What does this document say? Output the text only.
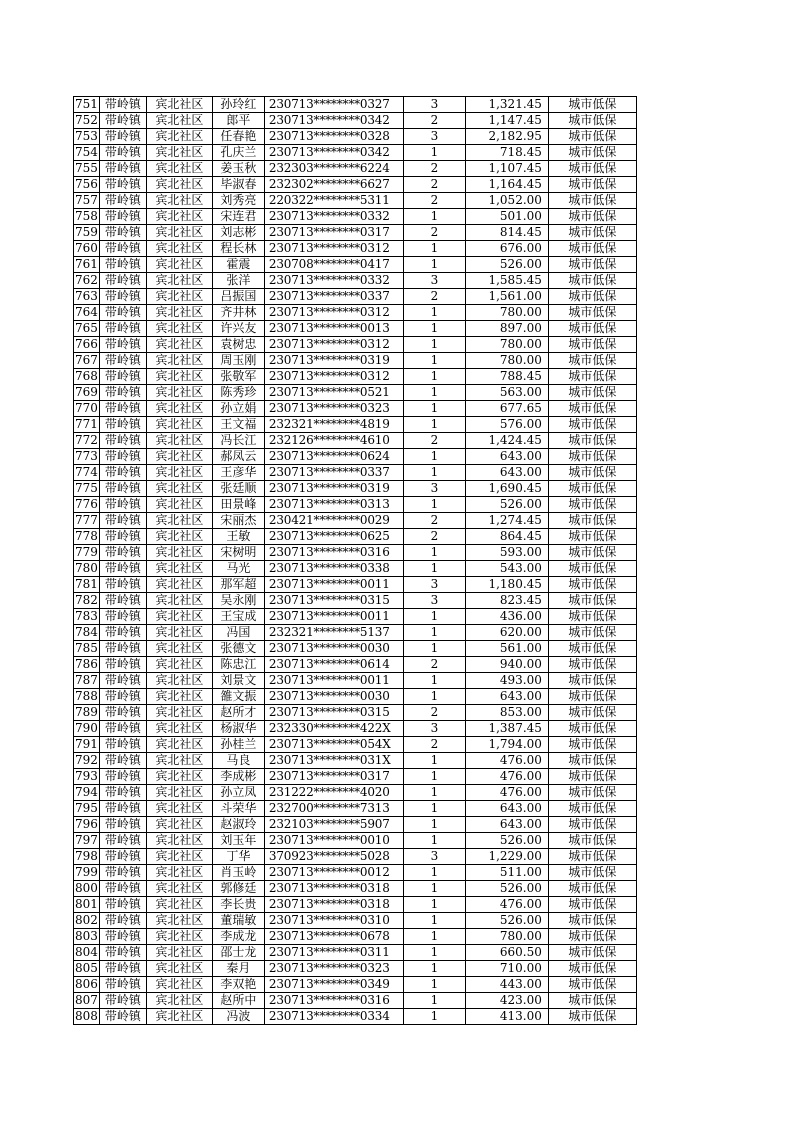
751	带岭镇	宾北社区	孙玲红	230713********0327	3	1,321.45	城市低保
752	带岭镇	宾北社区	郎平	230713********0342	2	1,147.45	城市低保
753	带岭镇	宾北社区	任春艳	230713********0328	3	2,182.95	城市低保
754	带岭镇	宾北社区	孔庆兰	230713********0342	1	718.45	城市低保
755	带岭镇	宾北社区	姜玉秋	232303********6224	2	1,107.45	城市低保
756	带岭镇	宾北社区	毕淑春	232302********6627	2	1,164.45	城市低保
757	带岭镇	宾北社区	刘秀亮	220322********5311	2	1,052.00	城市低保
758	带岭镇	宾北社区	宋连君	230713********0332	1	501.00	城市低保
759	带岭镇	宾北社区	刘志彬	230713********0317	2	814.45	城市低保
760	带岭镇	宾北社区	程长林	230713********0312	1	676.00	城市低保
761	带岭镇	宾北社区	霍震	230708********0417	1	526.00	城市低保
762	带岭镇	宾北社区	张洋	230713********0332	3	1,585.45	城市低保
763	带岭镇	宾北社区	吕振国	230713********0337	2	1,561.00	城市低保
764	带岭镇	宾北社区	齐井林	230713********0312	1	780.00	城市低保
765	带岭镇	宾北社区	许兴友	230713********0013	1	897.00	城市低保
766	带岭镇	宾北社区	袁树忠	230713********0312	1	780.00	城市低保
767	带岭镇	宾北社区	周玉刚	230713********0319	1	780.00	城市低保
768	带岭镇	宾北社区	张敬军	230713********0312	1	788.45	城市低保
769	带岭镇	宾北社区	陈秀珍	230713********0521	1	563.00	城市低保
770	带岭镇	宾北社区	孙立娟	230713********0323	1	677.65	城市低保
771	带岭镇	宾北社区	王文福	232321********4819	1	576.00	城市低保
772	带岭镇	宾北社区	冯长江	232126********4610	2	1,424.45	城市低保
773	带岭镇	宾北社区	郝凤云	230713********0624	1	643.00	城市低保
774	带岭镇	宾北社区	王彦华	230713********0337	1	643.00	城市低保
775	带岭镇	宾北社区	张廷顺	230713********0319	3	1,690.45	城市低保
776	带岭镇	宾北社区	田景峰	230713********0313	1	526.00	城市低保
777	带岭镇	宾北社区	宋丽杰	230421********0029	2	1,274.45	城市低保
778	带岭镇	宾北社区	王敏	230713********0625	2	864.45	城市低保
779	带岭镇	宾北社区	宋树明	230713********0316	1	593.00	城市低保
780	带岭镇	宾北社区	马光	230713********0338	1	543.00	城市低保
781	带岭镇	宾北社区	那军超	230713********0011	3	1,180.45	城市低保
782	带岭镇	宾北社区	吴永刚	230713********0315	3	823.45	城市低保
783	带岭镇	宾北社区	王宝成	230713********0011	1	436.00	城市低保
784	带岭镇	宾北社区	冯国	232321********5137	1	620.00	城市低保
785	带岭镇	宾北社区	张德文	230713********0030	1	561.00	城市低保
786	带岭镇	宾北社区	陈忠江	230713********0614	2	940.00	城市低保
787	带岭镇	宾北社区	刘景文	230713********0011	1	493.00	城市低保
788	带岭镇	宾北社区	雒文振	230713********0030	1	643.00	城市低保
789	带岭镇	宾北社区	赵所才	230713********0315	2	853.00	城市低保
790	带岭镇	宾北社区	杨淑华	232330********422X	3	1,387.45	城市低保
791	带岭镇	宾北社区	孙桂兰	230713********054X	2	1,794.00	城市低保
792	带岭镇	宾北社区	马良	230713********031X	1	476.00	城市低保
793	带岭镇	宾北社区	李成彬	230713********0317	1	476.00	城市低保
794	带岭镇	宾北社区	孙立凤	231222********4020	1	476.00	城市低保
795	带岭镇	宾北社区	斗荣华	232700********7313	1	643.00	城市低保
796	带岭镇	宾北社区	赵淑玲	232103********5907	1	643.00	城市低保
797	带岭镇	宾北社区	刘玉年	230713********0010	1	526.00	城市低保
798	带岭镇	宾北社区	丁华	370923********5028	3	1,229.00	城市低保
799	带岭镇	宾北社区	肖玉岭	230713********0012	1	511.00	城市低保
800	带岭镇	宾北社区	郭修廷	230713********0318	1	526.00	城市低保
801	带岭镇	宾北社区	李长贵	230713********0318	1	476.00	城市低保
802	带岭镇	宾北社区	董瑞敏	230713********0310	1	526.00	城市低保
803	带岭镇	宾北社区	李成龙	230713********0678	1	780.00	城市低保
804	带岭镇	宾北社区	邵士龙	230713********0311	1	660.50	城市低保
805	带岭镇	宾北社区	秦月	230713********0323	1	710.00	城市低保
806	带岭镇	宾北社区	李双艳	230713********0349	1	443.00	城市低保
807	带岭镇	宾北社区	赵所中	230713********0316	1	423.00	城市低保
808	带岭镇	宾北社区	冯波	230713********0334	1	413.00	城市低保
